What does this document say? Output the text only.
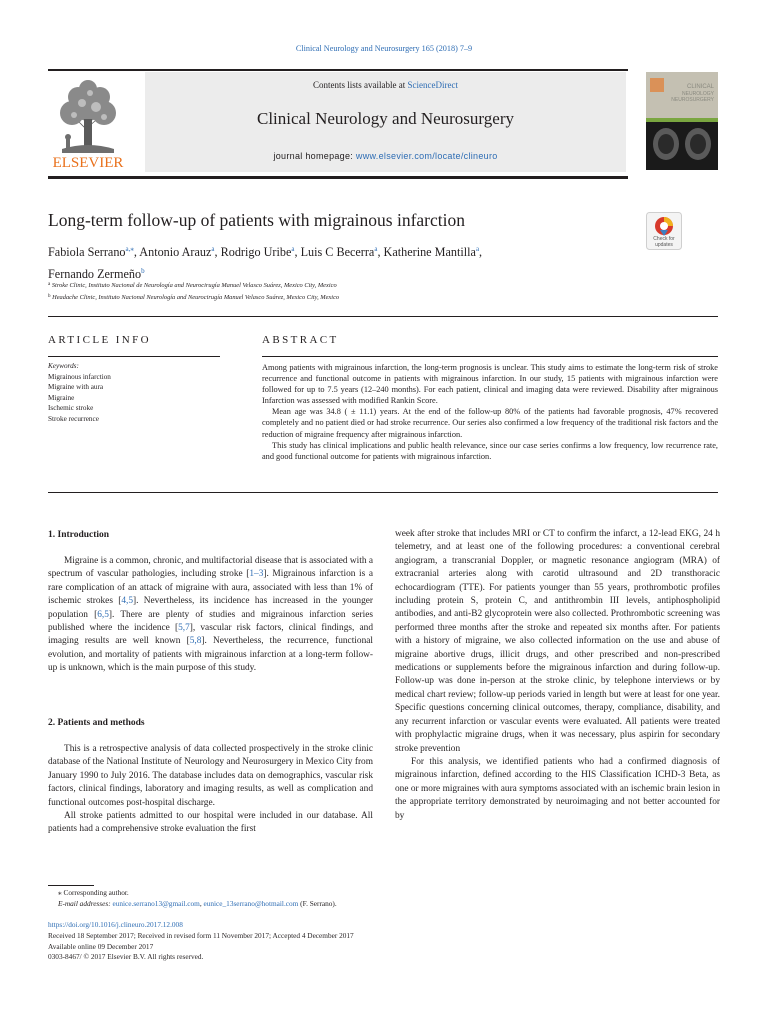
Clinical Neurology and Neurosurgery 165 (2018) 7–9
ELSEVIER
Contents lists available at ScienceDirect
Clinical Neurology and Neurosurgery
journal homepage: www.elsevier.com/locate/clineuro
CLINICAL
NEUROLOGY
NEUROSURGERY
Long-term follow-up of patients with migrainous infarction
Check for updates
Fabiola Serrano$^{a,⁎}$, Antonio Arauz$^a$, Rodrigo Uribe$^a$, Luis C Becerra$^a$, Katherine Mantilla$^a$,
Fernando Zermeño$^b$
$^a$ Stroke Clinic, Instituto Nacional de Neurología and Neurocirugía Manuel Velasco Suárez, Mexico City, Mexico
$^b$ Headache Clinic, Instituto Nacional Neurología and Neurocirugía Manuel Velasco Suárez, Mexico City, Mexico
ARTICLE INFO
Keywords:
Migrainous infarction
Migraine with aura
Migraine
Ischemic stroke
Stroke recurrence
ABSTRACT

Among patients with migrainous infarction, the long-term prognosis is unclear. This study aims to estimate the long-term risk of stroke recurrence and functional outcome in patients with migrainous infarction. In our study, 15 patients with migrainous infarction were followed for up to 7.5 years (12–240 months). For each patient, clinical and imaging data were reviewed. Disability after migrainous Infarction was assessed with modified Rankin Score.

Mean age was 34.8 ( ± 11.1) years. At the end of the follow-up 80% of the patients had favorable prognosis, 47% recovered completely and no patient died or had stroke recurrence. Our series also confirmed a low frequency of the traditional risk factors and the reduction of migraine frequency after migrainous infarction.

This study has clinical implications and public health relevance, since our case series confirms a low frequency, low recurrence rate, and good functional outcome for patients with migrainous infarction.

1. Introduction

Migraine is a common, chronic, and multifactorial disease that is associated with a spectrum of vascular pathologies, including stroke [1–3]. Migrainous infarction is a rare complication of an attack of migraine with aura, associated with less than 1% of ischemic strokes [4,5]. Nevertheless, its incidence has increased in the younger population [6,5]. There are plenty of studies and migrainous infarction series published where the incidence [5,7], vascular risk factors, clinical findings, and imaging results are well known [5,8]. Nevertheless, the recurrence, functional evolution, and mortality of patients with migrainous infarction at a long-term follow-up is unknown, which is the main purpose of this study.

2. Patients and methods

This is a retrospective analysis of data collected prospectively in the stroke clinic database of the National Institute of Neurology and Neurosurgery in Mexico City from January 1990 to July 2016. The database includes data on demographics, vascular risk factors, clinical findings, laboratory and imaging results, as well as complication and functional outcomes post-hospital discharge.

All stroke patients admitted to our hospital were included in our database. All patients had a comprehensive stroke evaluation the first

week after stroke that includes MRI or CT to confirm the infarct, a 12-lead EKG, 24 h telemetry, and at least one of the following procedures: a conventional cerebral angiogram, a transcranial Doppler, or magnetic resonance angiogram (MRA) of extracranial arteries along with carotid ultrasound and 2D transthoracic echocardiogram (TTE). For patients younger than 55 years, prothrombotic profiles including protein S, protein C, and antithrombin III levels, antiphospholipid antibodies, and anti-B2 glycoprotein were also collected. Prothrombotic screening was performed three months after the stroke and repeated six months after. For patients with a history of migraine, we also collected information on the use and abuse of migraine abortive drugs, illicit drugs, and other prescribed and non-prescribed medications or supplements before the migrainous infarction and during follow-up. Follow-up was done in-person at the stroke clinic, by telephone interviews or by medical chart review; follow-up periods varied in length but were at least for one year. Specific questions concerning clinical outcomes, therapy, compliance, disability, and any recurrent infarction or vascular events were evaluated. All patients were treated with prophylactic migraine drugs, when it was necessary, plus aspirin for secondary stroke prevention

For this analysis, we identified patients who had a confirmed diagnosis of migrainous infarction, defined according to the HIS Classification ICHD-3 Beta, as one or more migraines with aura symptoms associated with an ischemic brain lesion in the appropriate territory demonstrated by neuroimaging and not better accounted for by

⁎ Corresponding author.
E-mail addresses: eunice.serrano13@gmail.com, eunice_13serrano@hotmail.com (F. Serrano).
https://doi.org/10.1016/j.clineuro.2017.12.008
Received 18 September 2017; Received in revised form 11 November 2017; Accepted 4 December 2017
Available online 09 December 2017
0303-8467/ © 2017 Elsevier B.V. All rights reserved.
